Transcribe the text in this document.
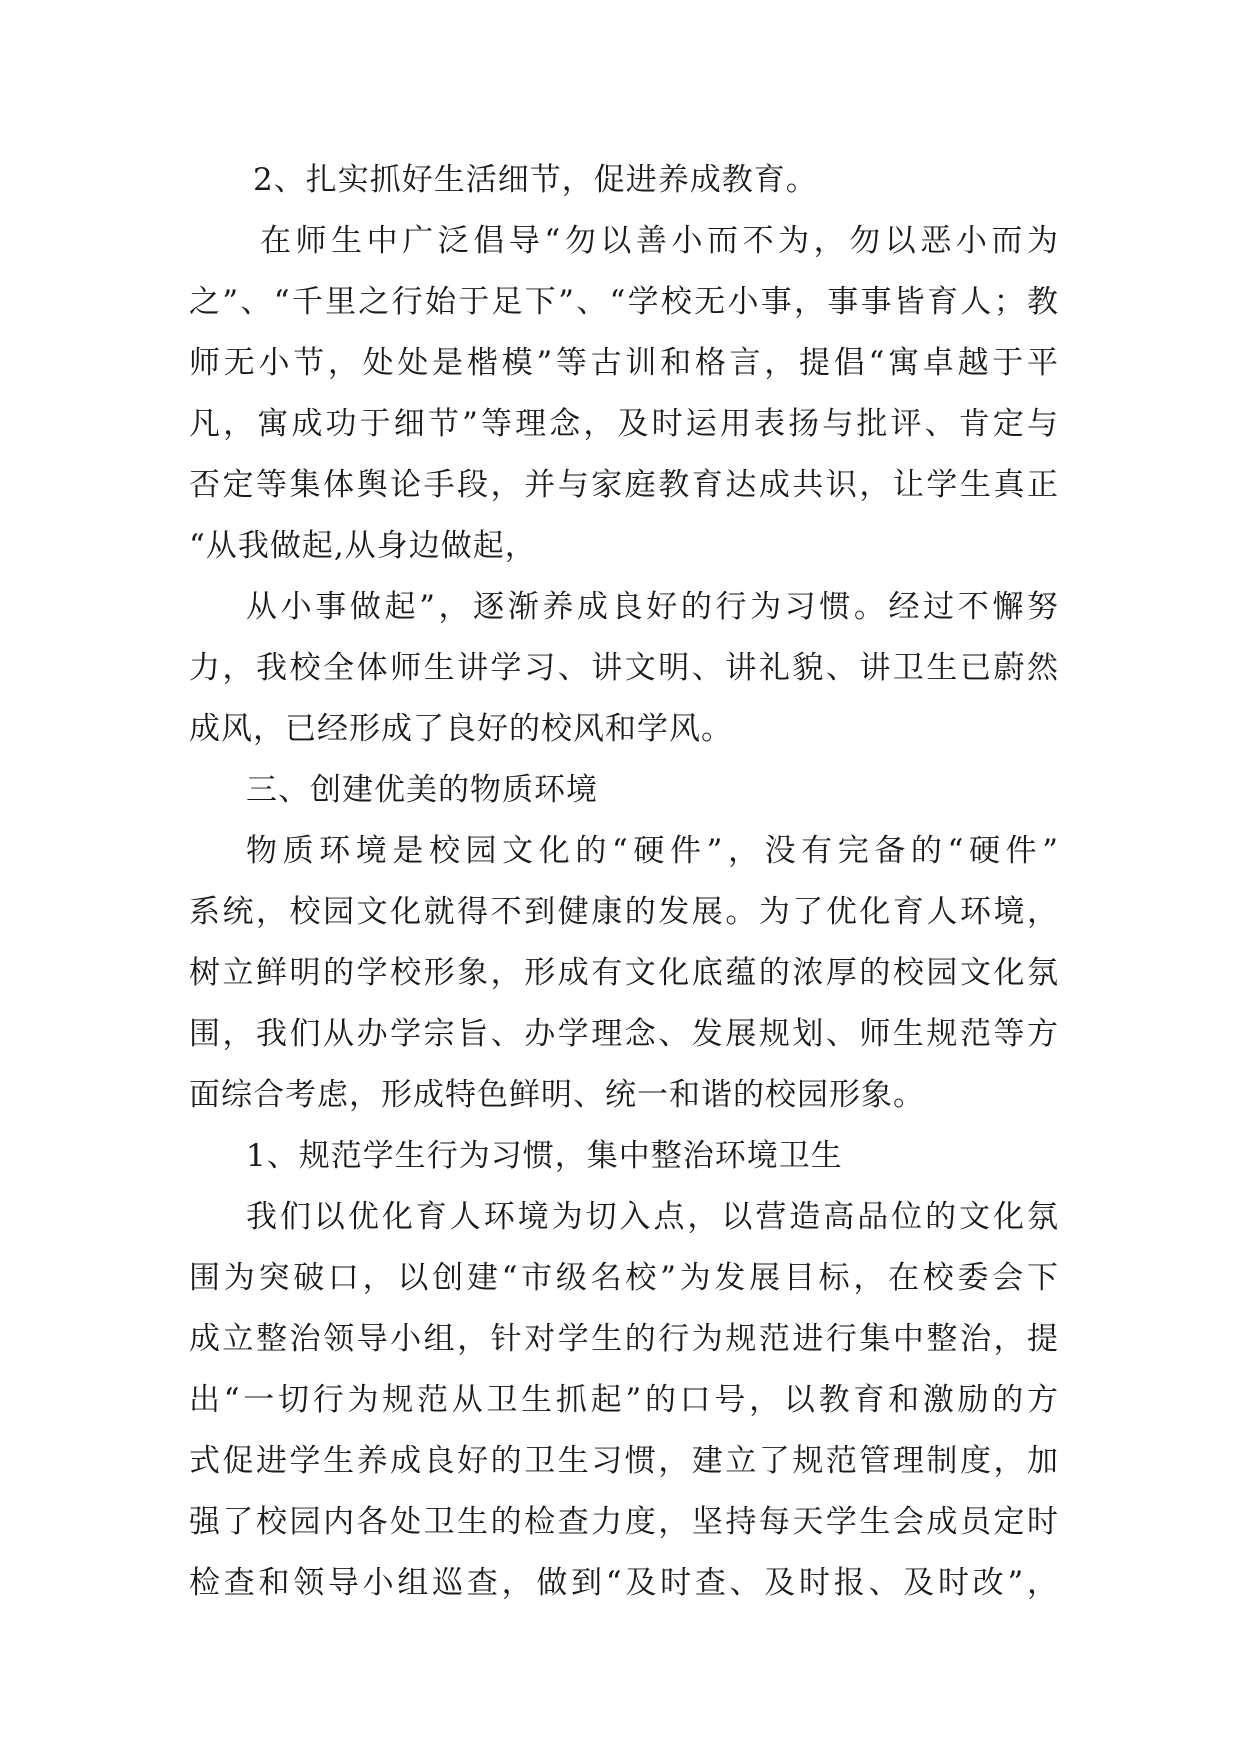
2、扎实抓好生活细节，促进养成教育。
在师生中广泛倡导“勿以善小而不为，勿以恶小而为
之”、“千里之行始于足下”、“学校无小事，事事皆育人；教
师无小节，处处是楷模”等古训和格言，提倡“寓卓越于平
凡，寓成功于细节”等理念，及时运用表扬与批评、肯定与
否定等集体舆论手段，并与家庭教育达成共识，让学生真正
“从我做起,从身边做起，
从小事做起”，逐渐养成良好的行为习惯。经过不懈努
力，我校全体师生讲学习、讲文明、讲礼貌、讲卫生已蔚然
成风，已经形成了良好的校风和学风。
三、创建优美的物质环境
物质环境是校园文化的“硬件”，没有完备的“硬件”
系统，校园文化就得不到健康的发展。为了优化育人环境，
树立鲜明的学校形象，形成有文化底蕴的浓厚的校园文化氛
围，我们从办学宗旨、办学理念、发展规划、师生规范等方
面综合考虑，形成特色鲜明、统一和谐的校园形象。
1、规范学生行为习惯，集中整治环境卫生
我们以优化育人环境为切入点，以营造高品位的文化氛
围为突破口，以创建“市级名校”为发展目标，在校委会下
成立整治领导小组，针对学生的行为规范进行集中整治，提
出“一切行为规范从卫生抓起”的口号，以教育和激励的方
式促进学生养成良好的卫生习惯，建立了规范管理制度，加
强了校园内各处卫生的检查力度，坚持每天学生会成员定时
检查和领导小组巡查，做到“及时查、及时报、及时改”，
